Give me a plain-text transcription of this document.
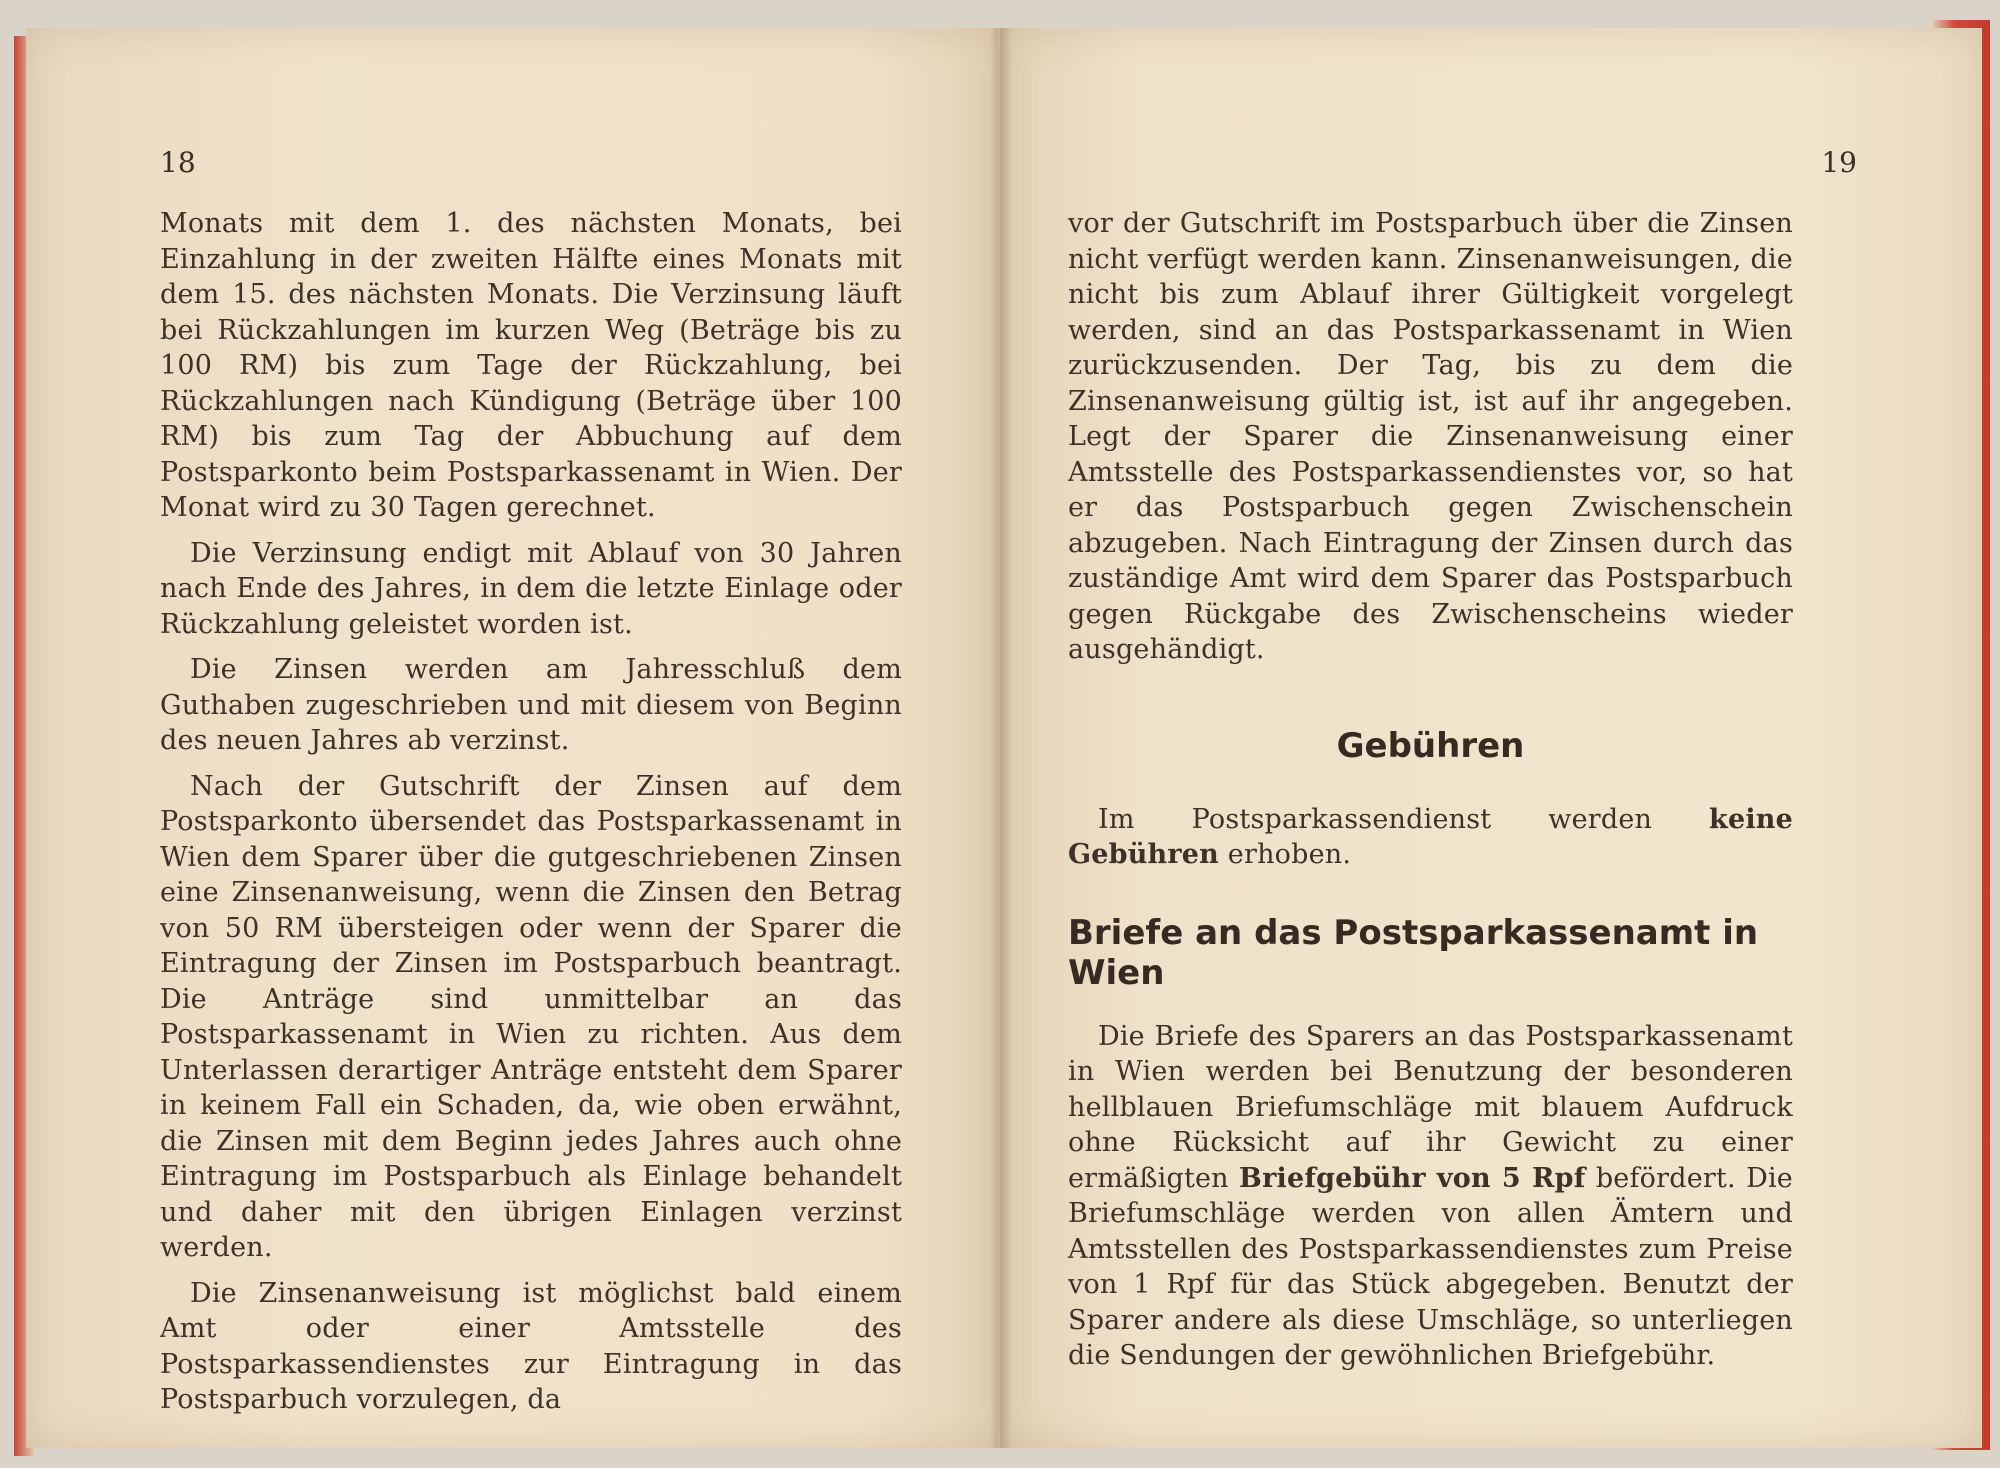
18

Monats mit dem 1. des nächsten Monats, bei Einzahlung in der zweiten Hälfte eines Monats mit dem 15. des nächsten Monats. Die Verzinsung läuft bei Rückzahlungen im kurzen Weg (Beträge bis zu 100 RM) bis zum Tage der Rückzahlung, bei Rückzahlungen nach Kündigung (Beträge über 100 RM) bis zum Tag der Abbuchung auf dem Postsparkonto beim Postsparkassenamt in Wien. Der Monat wird zu 30 Tagen gerechnet.

Die Verzinsung endigt mit Ablauf von 30 Jahren nach Ende des Jahres, in dem die letzte Einlage oder Rückzahlung geleistet worden ist.

Die Zinsen werden am Jahresschluß dem Guthaben zugeschrieben und mit diesem von Beginn des neuen Jahres ab verzinst.

Nach der Gutschrift der Zinsen auf dem Postsparkonto übersendet das Postsparkassenamt in Wien dem Sparer über die gutgeschriebenen Zinsen eine Zinsenanweisung, wenn die Zinsen den Betrag von 50 RM übersteigen oder wenn der Sparer die Eintragung der Zinsen im Postsparbuch beantragt. Die Anträge sind unmittelbar an das Postsparkassenamt in Wien zu richten. Aus dem Unterlassen derartiger Anträge entsteht dem Sparer in keinem Fall ein Schaden, da, wie oben erwähnt, die Zinsen mit dem Beginn jedes Jahres auch ohne Eintragung im Postsparbuch als Einlage behandelt und daher mit den übrigen Einlagen verzinst werden.

Die Zinsenanweisung ist möglichst bald einem Amt oder einer Amtsstelle des Postsparkassendienstes zur Eintragung in das Postsparbuch vorzulegen, da

19

vor der Gutschrift im Postsparbuch über die Zinsen nicht verfügt werden kann. Zinsenanweisungen, die nicht bis zum Ablauf ihrer Gültigkeit vorgelegt werden, sind an das Postsparkassenamt in Wien zurückzusenden. Der Tag, bis zu dem die Zinsenanweisung gültig ist, ist auf ihr angegeben. Legt der Sparer die Zinsenanweisung einer Amtsstelle des Postsparkassendienstes vor, so hat er das Postsparbuch gegen Zwischenschein abzugeben. Nach Eintragung der Zinsen durch das zuständige Amt wird dem Sparer das Postsparbuch gegen Rückgabe des Zwischenscheins wieder ausgehändigt.

Gebühren

Im Postsparkassendienst werden keine Gebühren erhoben.

Briefe an das Postsparkassenamt in Wien

Die Briefe des Sparers an das Postsparkassenamt in Wien werden bei Benutzung der besonderen hellblauen Briefumschläge mit blauem Aufdruck ohne Rücksicht auf ihr Gewicht zu einer ermäßigten Briefgebühr von 5 Rpf befördert. Die Briefumschläge werden von allen Ämtern und Amtsstellen des Postsparkassendienstes zum Preise von 1 Rpf für das Stück abgegeben. Benutzt der Sparer andere als diese Umschläge, so unterliegen die Sendungen der gewöhnlichen Briefgebühr.
